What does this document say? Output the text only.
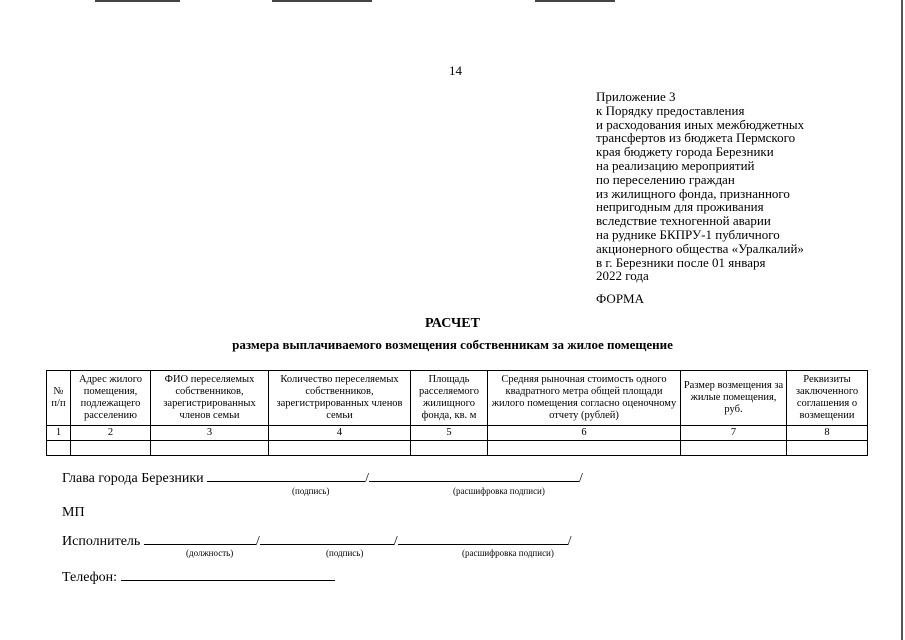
14
Приложение 3
к Порядку предоставления
и расходования иных межбюджетных
трансфертов из бюджета Пермского
края бюджету города Березники
на реализацию мероприятий
по переселению граждан
из жилищного фонда, признанного
непригодным для проживания
вследствие техногенной аварии
на руднике БКПРУ-1 публичного
акционерного общества «Уралкалий»
в г. Березники после 01 января
2022 года
ФОРМА
РАСЧЕТ
размера выплачиваемого возмещения собственникам за жилое помещение
№ п/п	Адрес жилого помещения, подлежащего расселению	ФИО переселяемых собственников, зарегистрированных членов семьи	Количество переселяемых собственников, зарегистрированных членов семьи	Площадь расселяемого жилищного фонда, кв. м	Средняя рыночная стоимость одного квадратного метра общей площади жилого помещения согласно оценочному отчету (рублей)	Размер возмещения за жилые помещения, руб.	Реквизиты заключенного соглашения о возмещении
1	2	3	4	5	6	7	8

Глава города Березники	/	/
(подпись)	(расшифровка подписи)
МП
Исполнитель	/	/	/
(должность)	(подпись)	(расшифровка подписи)
Телефон:
